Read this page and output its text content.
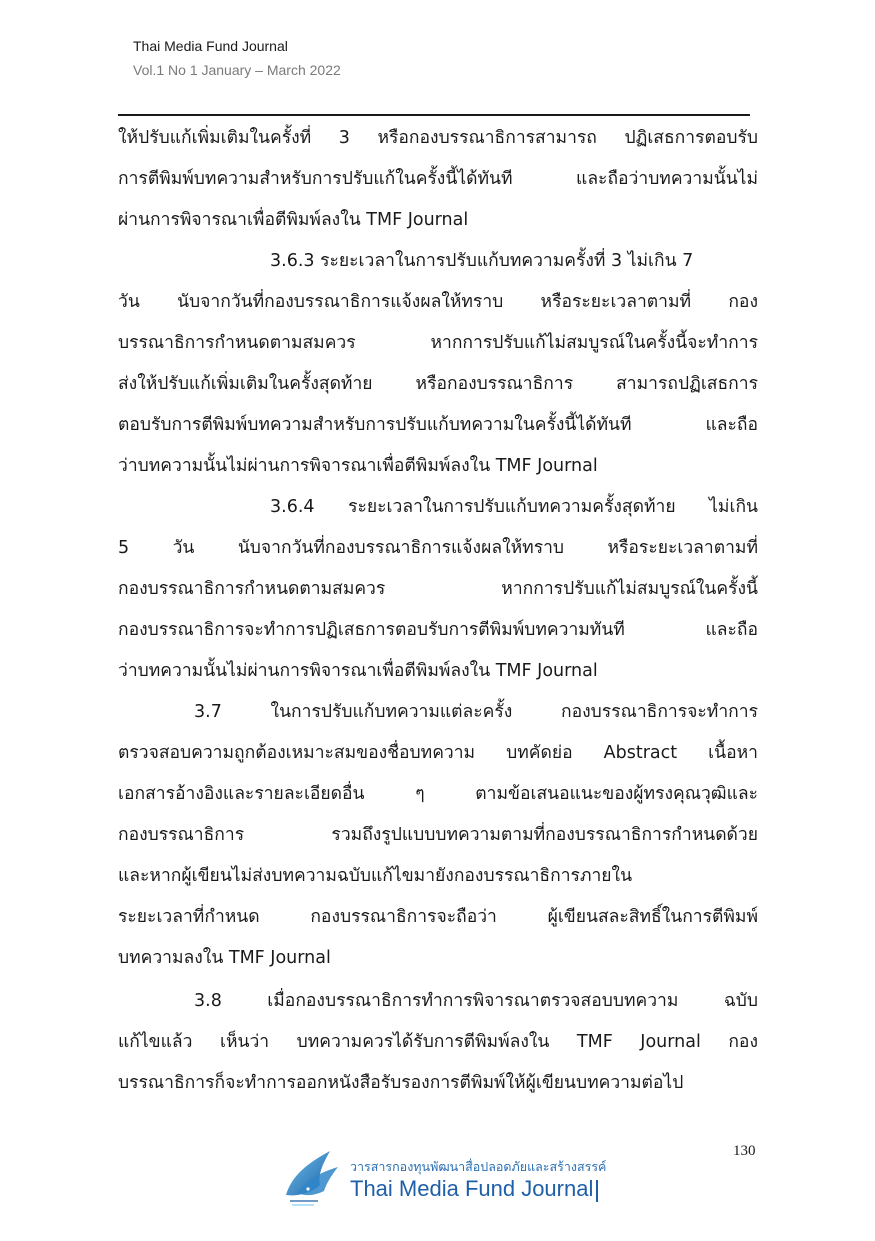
Thai Media Fund Journal
Vol.1 No 1 January – March 2022
ให้ปรับแก้เพิ่มเติมในครั้งที่ 3 หรือกองบรรณาธิการสามารถ ปฏิเสธการตอบรับ
การตีพิมพ์บทความสำหรับการปรับแก้ในครั้งนี้ได้ทันที และถือว่าบทความนั้นไม่
ผ่านการพิจารณาเพื่อตีพิมพ์ลงใน TMF Journal
3.6.3 ระยะเวลาในการปรับแก้บทความครั้งที่ 3 ไม่เกิน 7
วัน นับจากวันที่กองบรรณาธิการแจ้งผลให้ทราบ หรือระยะเวลาตามที่ กอง
บรรณาธิการกำหนดตามสมควร หากการปรับแก้ไม่สมบูรณ์ในครั้งนี้จะทำการ
ส่งให้ปรับแก้เพิ่มเติมในครั้งสุดท้าย หรือกองบรรณาธิการ สามารถปฏิเสธการ
ตอบรับการตีพิมพ์บทความสำหรับการปรับแก้บทความในครั้งนี้ได้ทันที และถือ
ว่าบทความนั้นไม่ผ่านการพิจารณาเพื่อตีพิมพ์ลงใน TMF Journal
3.6.4 ระยะเวลาในการปรับแก้บทความครั้งสุดท้าย ไม่เกิน
5 วัน นับจากวันที่กองบรรณาธิการแจ้งผลให้ทราบ หรือระยะเวลาตามที่
กองบรรณาธิการกำหนดตามสมควร หากการปรับแก้ไม่สมบูรณ์ในครั้งนี้
กองบรรณาธิการจะทำการปฏิเสธการตอบรับการตีพิมพ์บทความทันที และถือ
ว่าบทความนั้นไม่ผ่านการพิจารณาเพื่อตีพิมพ์ลงใน TMF Journal
3.7 ในการปรับแก้บทความแต่ละครั้ง กองบรรณาธิการจะทำการ
ตรวจสอบความถูกต้องเหมาะสมของชื่อบทความ บทคัดย่อ Abstract เนื้อหา
เอกสารอ้างอิงและรายละเอียดอื่น ๆ ตามข้อเสนอแนะของผู้ทรงคุณวุฒิและ
กองบรรณาธิการ รวมถึงรูปแบบบทความตามที่กองบรรณาธิการกำหนดด้วย
และหากผู้เขียนไม่ส่งบทความฉบับแก้ไขมายังกองบรรณาธิการภายใน
ระยะเวลาที่กำหนด กองบรรณาธิการจะถือว่า ผู้เขียนสละสิทธิ์ในการตีพิมพ์
บทความลงใน TMF Journal
3.8 เมื่อกองบรรณาธิการทำการพิจารณาตรวจสอบบทความ ฉบับ
แก้ไขแล้ว เห็นว่า บทความควรได้รับการตีพิมพ์ลงใน TMF Journal กอง
บรรณาธิการก็จะทำการออกหนังสือรับรองการตีพิมพ์ให้ผู้เขียนบทความต่อไป
130
วารสารกองทุนพัฒนาสื่อปลอดภัยและสร้างสรรค์
Thai Media Fund Journal
